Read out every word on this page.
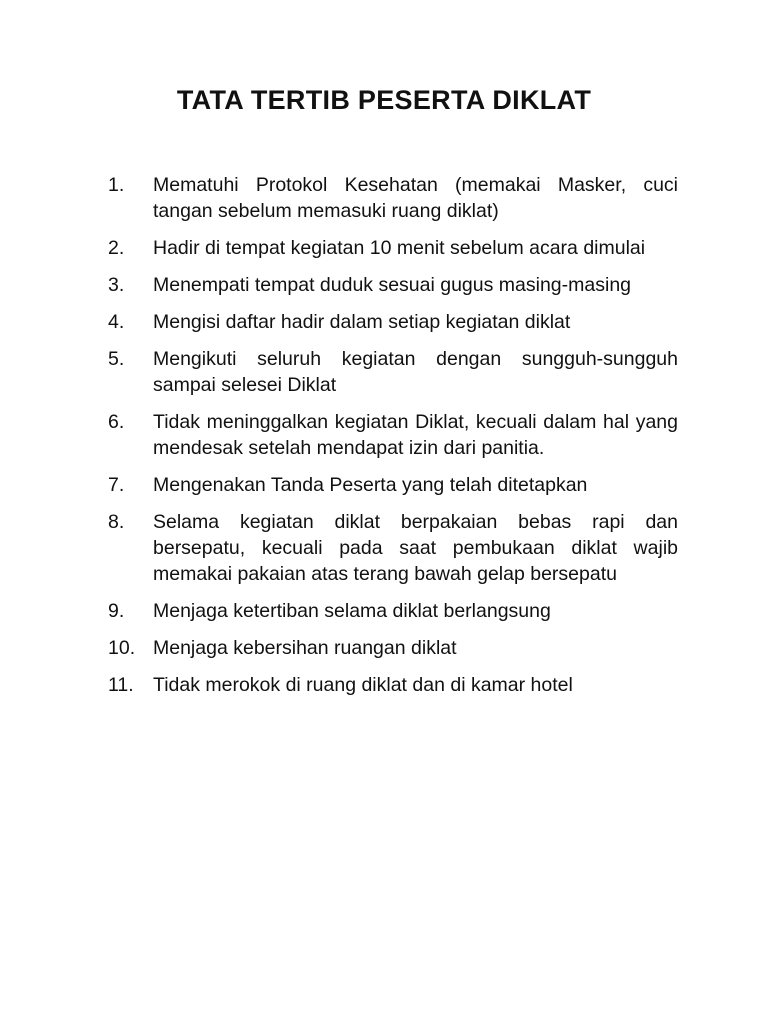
TATA TERTIB PESERTA DIKLAT
1.	Mematuhi Protokol Kesehatan (memakai Masker, cuci tangan sebelum memasuki ruang diklat)
2.	Hadir di tempat kegiatan 10 menit sebelum acara dimulai
3.	Menempati tempat duduk sesuai gugus masing-masing
4.	Mengisi daftar hadir dalam setiap kegiatan diklat
5.	Mengikuti seluruh kegiatan dengan sungguh-sungguh sampai selesei Diklat
6.	Tidak meninggalkan kegiatan Diklat, kecuali dalam hal yang mendesak setelah mendapat izin dari panitia.
7.	Mengenakan Tanda Peserta yang telah ditetapkan
8.	Selama kegiatan diklat berpakaian bebas rapi dan bersepatu, kecuali pada saat pembukaan diklat wajib memakai pakaian atas terang bawah gelap bersepatu
9.	Menjaga ketertiban selama diklat berlangsung
10. Menjaga kebersihan ruangan diklat
11. Tidak merokok di ruang diklat dan di kamar hotel
